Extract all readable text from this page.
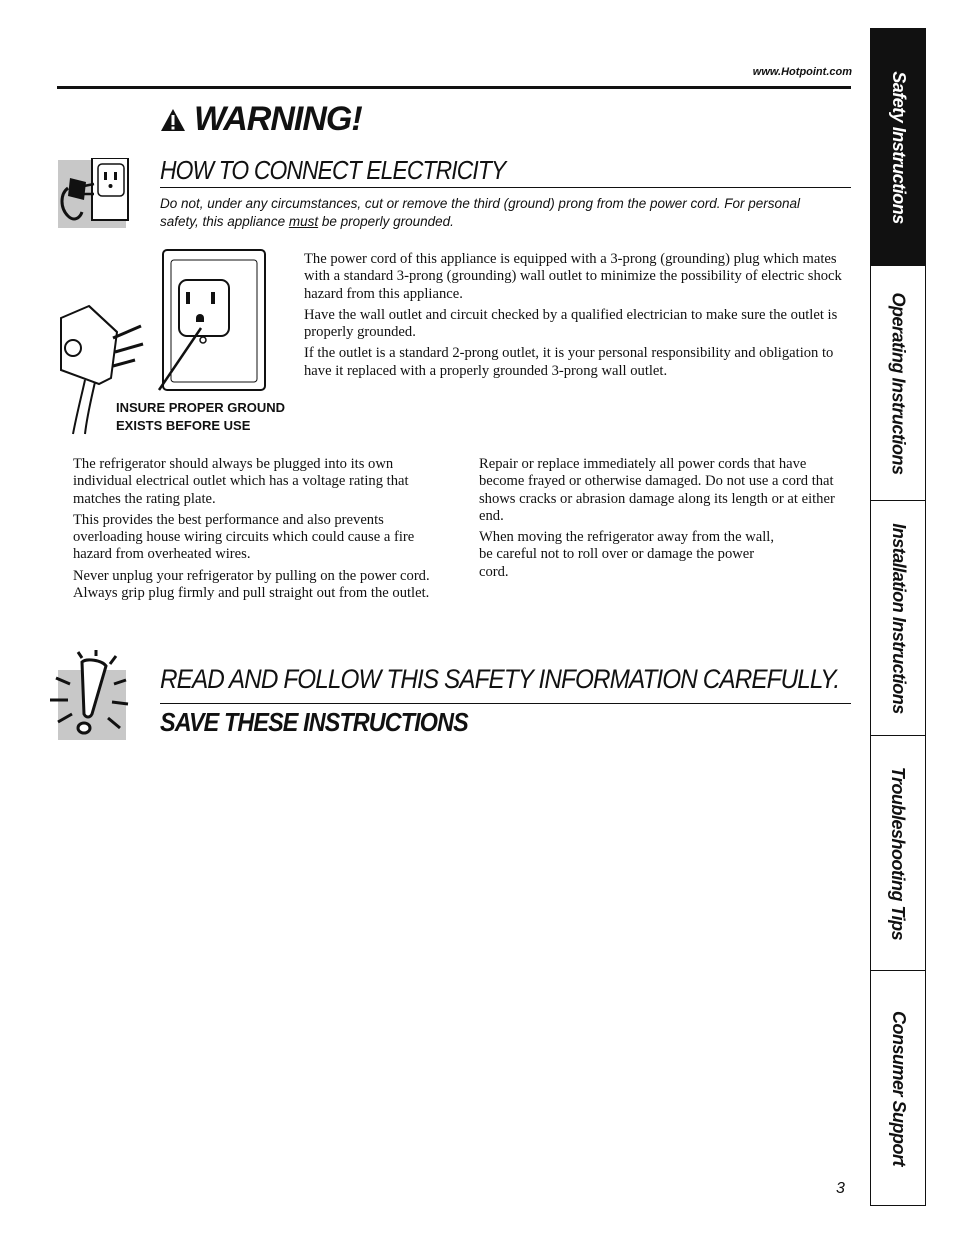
www.Hotpoint.com
WARNING!
HOW TO CONNECT ELECTRICITY
Do not, under any circumstances, cut or remove the third (ground) prong from the power cord. For personal safety, this appliance must be properly grounded.
INSURE PROPER GROUND
EXISTS BEFORE USE

The power cord of this appliance is equipped with a 3-prong (grounding) plug which mates with a standard 3-prong (grounding) wall outlet to minimize the possibility of electric shock hazard from this appliance.

Have the wall outlet and circuit checked by a qualified electrician to make sure the outlet is properly grounded.

If the outlet is a standard 2-prong outlet, it is your personal responsibility and obligation to have it replaced with a properly grounded 3-prong wall outlet.

The refrigerator should always be plugged into its own individual electrical outlet which has a voltage rating that matches the rating plate.

This provides the best performance and also prevents overloading house wiring circuits which could cause a fire hazard from overheated wires.

Never unplug your refrigerator by pulling on the power cord. Always grip plug firmly and pull straight out from the outlet.

Repair or replace immediately all power cords that have become frayed or otherwise damaged. Do not use a cord that shows cracks or abrasion damage along its length or at either end.

When moving the refrigerator away from the wall, be careful not to roll over or damage the power cord.

READ AND FOLLOW THIS SAFETY INFORMATION CAREFULLY.
SAVE THESE INSTRUCTIONS
3
Safety Instructions
Operating Instructions
Installation Instructions
Troubleshooting Tips
Consumer Support
